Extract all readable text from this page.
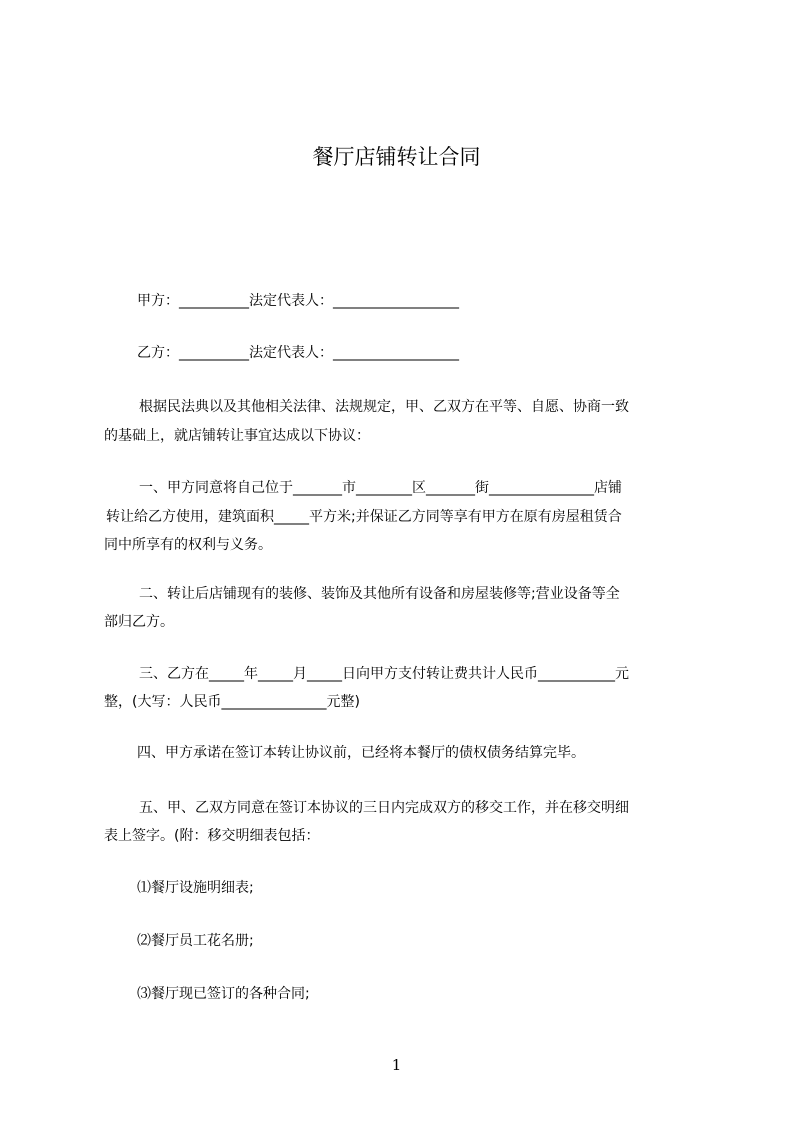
餐厅店铺转让合同

甲方：__________法定代表人：__________________

乙方：__________法定代表人：__________________

根据民法典以及其他相关法律、法规规定，甲、乙双方在平等、自愿、协商一致

的基础上，就店铺转让事宜达成以下协议：

一、甲方同意将自己位于_______市________区_______街_______________店铺

转让给乙方使用，建筑面积_____平方米;并保证乙方同等享有甲方在原有房屋租赁合

同中所享有的权利与义务。

二、转让后店铺现有的装修、装饰及其他所有设备和房屋装修等;营业设备等全

部归乙方。

三、乙方在_____年_____月_____日向甲方支付转让费共计人民币___________元

整，(大写：人民币_______________元整)

四、甲方承诺在签订本转让协议前，已经将本餐厅的债权债务结算完毕。

五、甲、乙双方同意在签订本协议的三日内完成双方的移交工作，并在移交明细

表上签字。(附：移交明细表包括：

⑴餐厅设施明细表;

⑵餐厅员工花名册;

⑶餐厅现已签订的各种合同;

1
